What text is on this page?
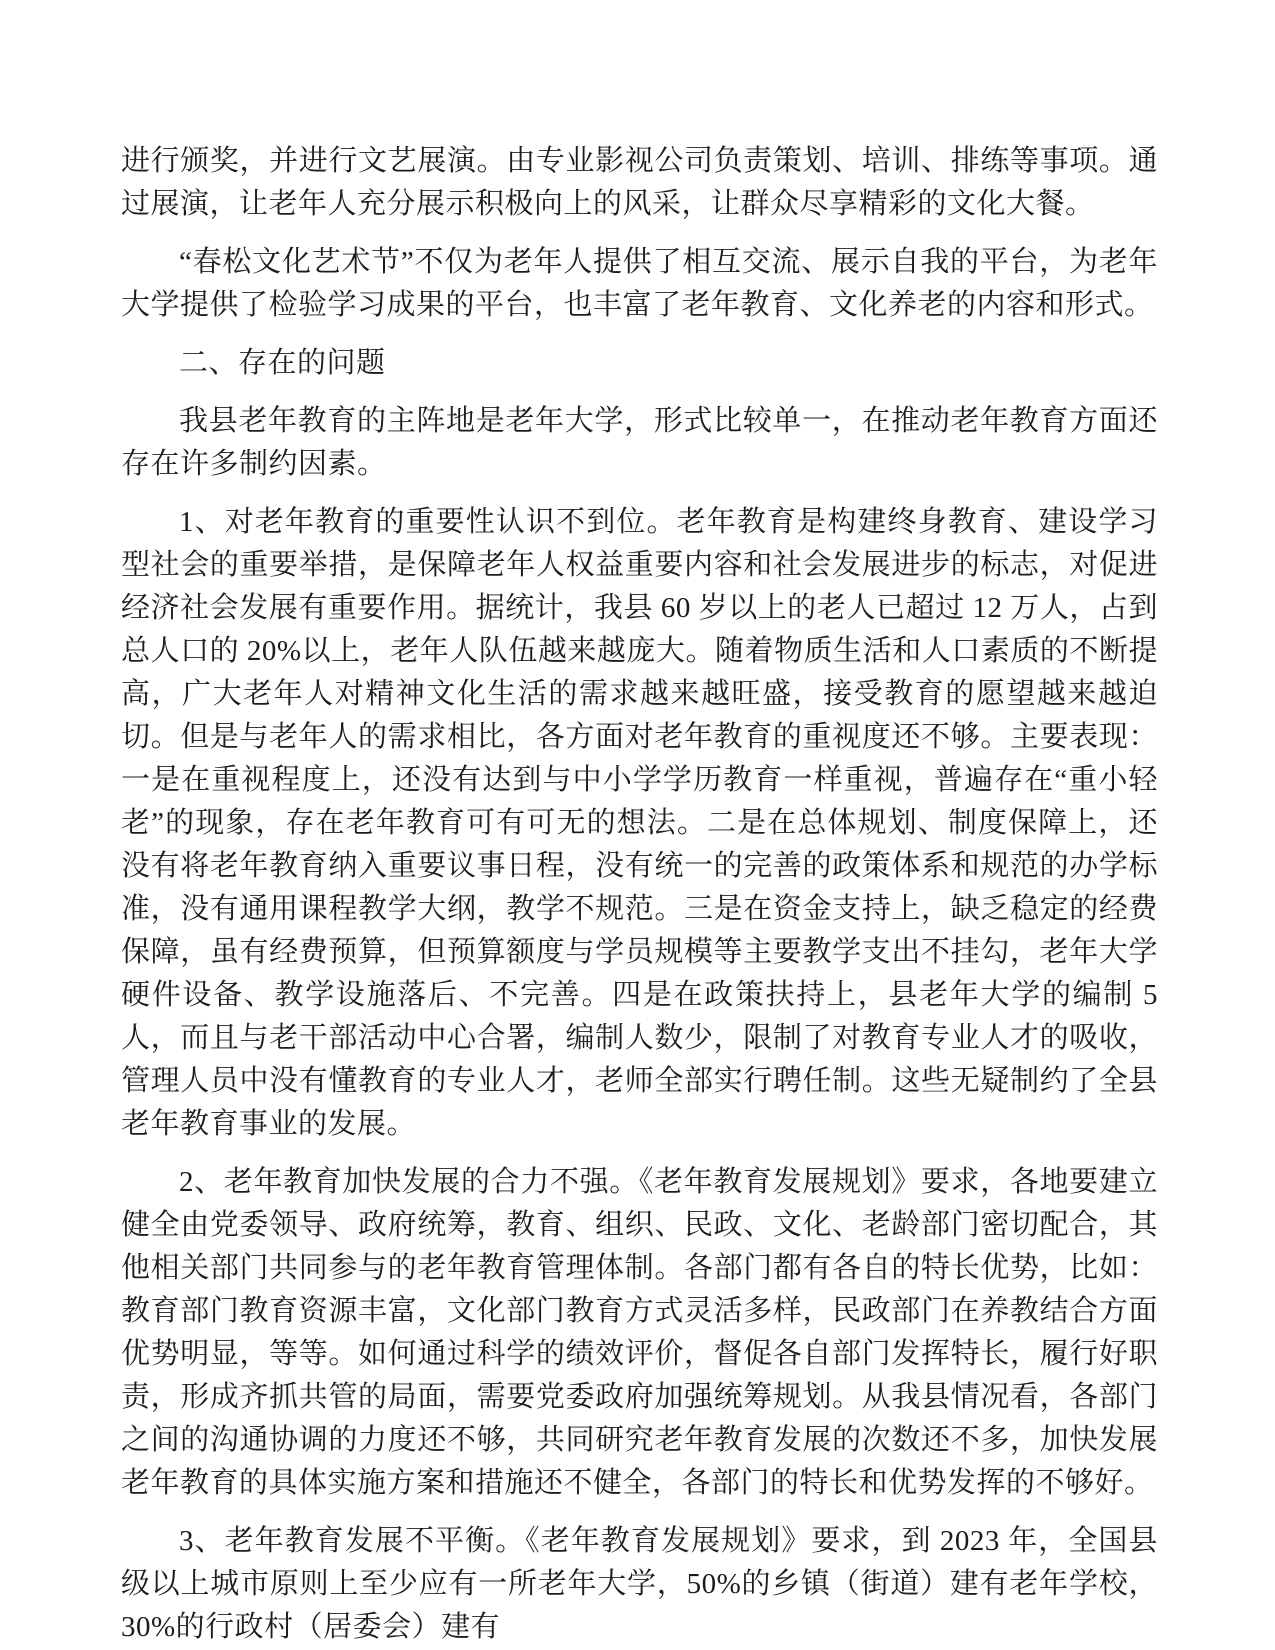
进行颁奖，并进行文艺展演。由专业影视公司负责策划、培训、排练等事项。通过展演，让老年人充分展示积极向上的风采，让群众尽享精彩的文化大餐。

“春松文化艺术节”不仅为老年人提供了相互交流、展示自我的平台，为老年大学提供了检验学习成果的平台，也丰富了老年教育、文化养老的内容和形式。

二、存在的问题

我县老年教育的主阵地是老年大学，形式比较单一，在推动老年教育方面还存在许多制约因素。

1、对老年教育的重要性认识不到位。老年教育是构建终身教育、建设学习型社会的重要举措，是保障老年人权益重要内容和社会发展进步的标志，对促进经济社会发展有重要作用。据统计，我县 60 岁以上的老人已超过 12 万人，占到总人口的 20%以上，老年人队伍越来越庞大。随着物质生活和人口素质的不断提高，广大老年人对精神文化生活的需求越来越旺盛，接受教育的愿望越来越迫切。但是与老年人的需求相比，各方面对老年教育的重视度还不够。主要表现：一是在重视程度上，还没有达到与中小学学历教育一样重视，普遍存在“重小轻老”的现象，存在老年教育可有可无的想法。二是在总体规划、制度保障上，还没有将老年教育纳入重要议事日程，没有统一的完善的政策体系和规范的办学标准，没有通用课程教学大纲，教学不规范。三是在资金支持上，缺乏稳定的经费保障，虽有经费预算，但预算额度与学员规模等主要教学支出不挂勾，老年大学硬件设备、教学设施落后、不完善。四是在政策扶持上，县老年大学的编制 5 人，而且与老干部活动中心合署，编制人数少，限制了对教育专业人才的吸收，管理人员中没有懂教育的专业人才，老师全部实行聘任制。这些无疑制约了全县老年教育事业的发展。

2、老年教育加快发展的合力不强。《老年教育发展规划》要求，各地要建立健全由党委领导、政府统筹，教育、组织、民政、文化、老龄部门密切配合，其他相关部门共同参与的老年教育管理体制。各部门都有各自的特长优势，比如：教育部门教育资源丰富，文化部门教育方式灵活多样，民政部门在养教结合方面优势明显，等等。如何通过科学的绩效评价，督促各自部门发挥特长，履行好职责，形成齐抓共管的局面，需要党委政府加强统筹规划。从我县情况看，各部门之间的沟通协调的力度还不够，共同研究老年教育发展的次数还不多，加快发展老年教育的具体实施方案和措施还不健全，各部门的特长和优势发挥的不够好。

3、老年教育发展不平衡。《老年教育发展规划》要求，到 2023 年，全国县级以上城市原则上至少应有一所老年大学，50%的乡镇（街道）建有老年学校，30%的行政村（居委会）建有
